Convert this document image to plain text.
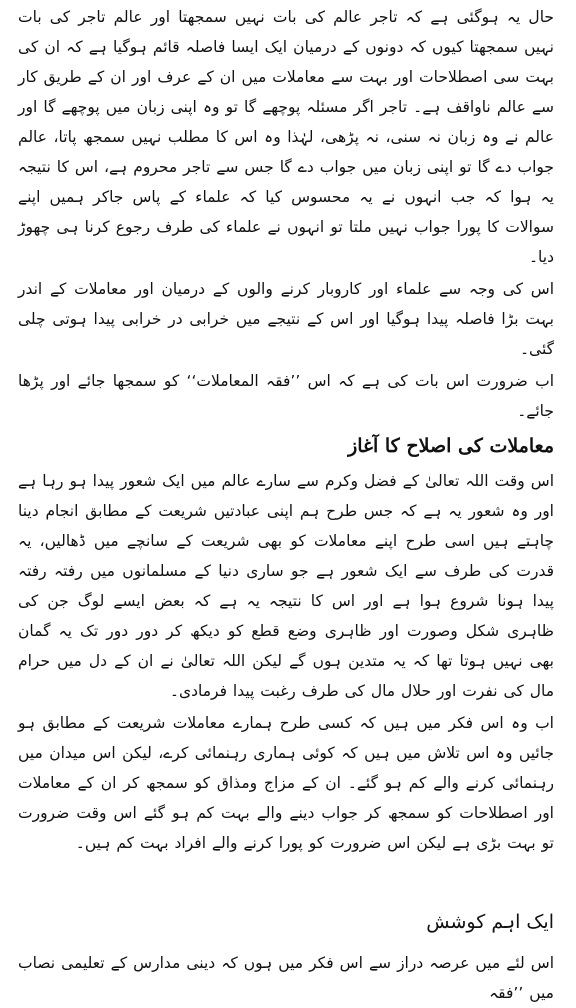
حال یہ ہوگئی ہے کہ تاجر عالم کی بات نہیں سمجھتا اور عالم تاجر کی بات نہیں سمجھتا کیوں کہ دونوں کے درمیان ایک ایسا فاصلہ قائم ہوگیا ہے کہ ان کی بہت سی اصطلاحات اور بہت سے معاملات میں ان کے عرف اور ان کے طریق کار سے عالم ناواقف ہے۔ تاجر اگر مسئلہ پوچھے گا تو وہ اپنی زبان میں پوچھے گا اور عالم نے وہ زبان نہ سنی، نہ پڑھی، لہٰذا وہ اس کا مطلب نہیں سمجھ پاتا، عالم جواب دے گا تو اپنی زبان میں جواب دے گا جس سے تاجر محروم ہے، اس کا نتیجہ یہ ہوا کہ جب انہوں نے یہ محسوس کیا کہ علماء کے پاس جاکر ہمیں اپنے سوالات کا پورا جواب نہیں ملتا تو انہوں نے علماء کی طرف رجوع کرنا ہی چھوڑ دیا۔

اس کی وجہ سے علماء اور کاروبار کرنے والوں کے درمیان اور معاملات کے اندر بہت بڑا فاصلہ پیدا ہوگیا اور اس کے نتیجے میں خرابی در خرابی پیدا ہوتی چلی گئی۔

اب ضرورت اس بات کی ہے کہ اس ’’فقہ المعاملات‘‘ کو سمجھا جائے اور پڑھا جائے۔

معاملات کی اصلاح کا آغاز

اس وقت اللہ تعالیٰ کے فضل وکرم سے سارے عالم میں ایک شعور پیدا ہو رہا ہے اور وہ شعور یہ ہے کہ جس طرح ہم اپنی عبادتیں شریعت کے مطابق انجام دینا چاہتے ہیں اسی طرح اپنے معاملات کو بھی شریعت کے سانچے میں ڈھالیں، یہ قدرت کی طرف سے ایک شعور ہے جو ساری دنیا کے مسلمانوں میں رفتہ رفتہ پیدا ہونا شروع ہوا ہے اور اس کا نتیجہ یہ ہے کہ بعض ایسے لوگ جن کی ظاہری شکل وصورت اور ظاہری وضع قطع کو دیکھ کر دور دور تک یہ گمان بھی نہیں ہوتا تھا کہ یہ متدین ہوں گے لیکن اللہ تعالیٰ نے ان کے دل میں حرام مال کی نفرت اور حلال مال کی طرف رغبت پیدا فرمادی۔

اب وہ اس فکر میں ہیں کہ کسی طرح ہمارے معاملات شریعت کے مطابق ہو جائیں وہ اس تلاش میں ہیں کہ کوئی ہماری رہنمائی کرے، لیکن اس میدان میں رہنمائی کرنے والے کم ہو گئے۔ ان کے مزاج ومذاق کو سمجھ کر ان کے معاملات اور اصطلاحات کو سمجھ کر جواب دینے والے بہت کم ہو گئے اس وقت ضرورت تو بہت بڑی ہے لیکن اس ضرورت کو پورا کرنے والے افراد بہت کم ہیں۔

ایک اہم کوشش

اس لئے میں عرصہ دراز سے اس فکر میں ہوں کہ دینی مدارس کے تعلیمی نصاب میں ’’فقہ
